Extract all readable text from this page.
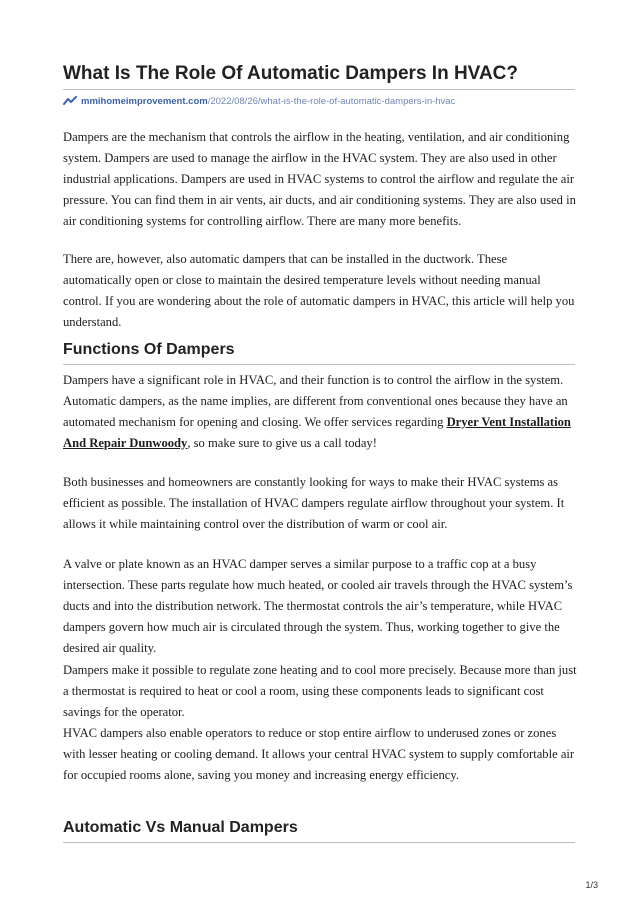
What Is The Role Of Automatic Dampers In HVAC?
mmihomeimprovement.com/2022/08/26/what-is-the-role-of-automatic-dampers-in-hvac

Dampers are the mechanism that controls the airflow in the heating, ventilation, and air conditioning system. Dampers are used to manage the airflow in the HVAC system. They are also used in other industrial applications. Dampers are used in HVAC systems to control the airflow and regulate the air pressure. You can find them in air vents, air ducts, and air conditioning systems. They are also used in air conditioning systems for controlling airflow. There are many more benefits.

There are, however, also automatic dampers that can be installed in the ductwork. These automatically open or close to maintain the desired temperature levels without needing manual control. If you are wondering about the role of automatic dampers in HVAC, this article will help you understand.

Functions Of Dampers

Dampers have a significant role in HVAC, and their function is to control the airflow in the system. Automatic dampers, as the name implies, are different from conventional ones because they have an automated mechanism for opening and closing. We offer services regarding Dryer Vent Installation And Repair Dunwoody, so make sure to give us a call today!

Both businesses and homeowners are constantly looking for ways to make their HVAC systems as efficient as possible. The installation of HVAC dampers regulate airflow throughout your system. It allows it while maintaining control over the distribution of warm or cool air.

A valve or plate known as an HVAC damper serves a similar purpose to a traffic cop at a busy intersection. These parts regulate how much heated, or cooled air travels through the HVAC system’s ducts and into the distribution network. The thermostat controls the air’s temperature, while HVAC dampers govern how much air is circulated through the system. Thus, working together to give the desired air quality.

Dampers make it possible to regulate zone heating and to cool more precisely. Because more than just a thermostat is required to heat or cool a room, using these components leads to significant cost savings for the operator.

HVAC dampers also enable operators to reduce or stop entire airflow to underused zones or zones with lesser heating or cooling demand. It allows your central HVAC system to supply comfortable air for occupied rooms alone, saving you money and increasing energy efficiency.

Automatic Vs Manual Dampers
1/3
